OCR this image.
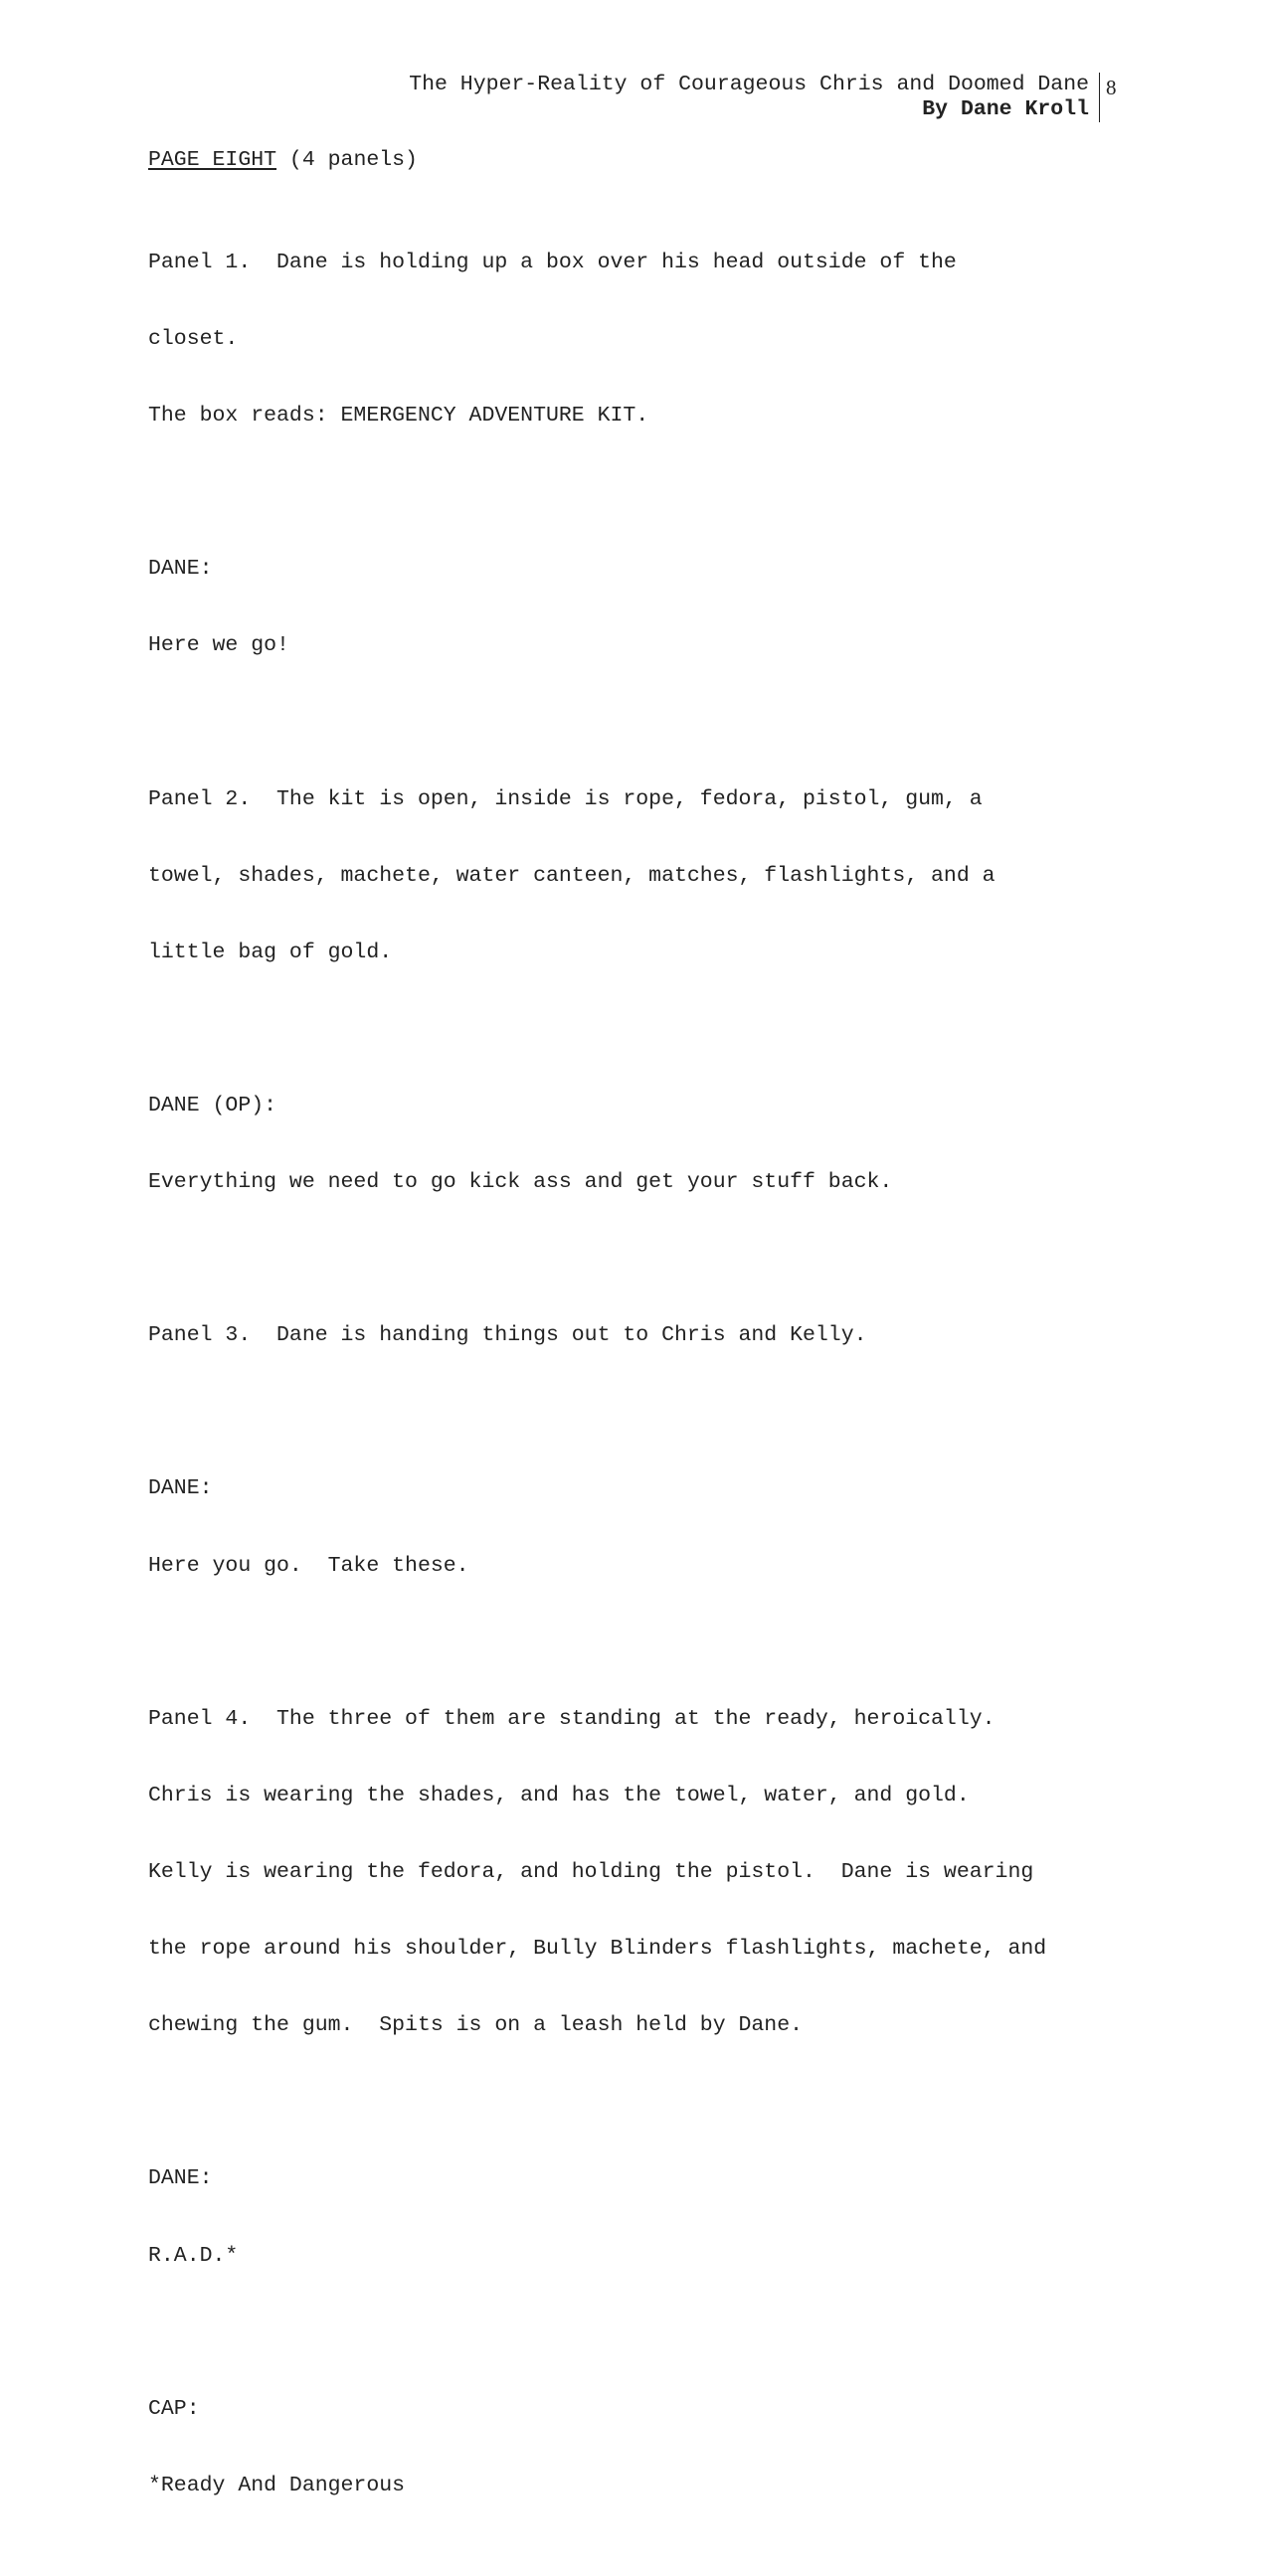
The Hyper-Reality of Courageous Chris and Doomed Dane
By Dane Kroll
8
PAGE EIGHT (4 panels)

Panel 1.  Dane is holding up a box over his head outside of the

closet.

The box reads: EMERGENCY ADVENTURE KIT.

DANE:

Here we go!

Panel 2.  The kit is open, inside is rope, fedora, pistol, gum, a

towel, shades, machete, water canteen, matches, flashlights, and a

little bag of gold.

DANE (OP):

Everything we need to go kick ass and get your stuff back.

Panel 3.  Dane is handing things out to Chris and Kelly.

DANE:

Here you go.  Take these.

Panel 4.  The three of them are standing at the ready, heroically.

Chris is wearing the shades, and has the towel, water, and gold.

Kelly is wearing the fedora, and holding the pistol.  Dane is wearing

the rope around his shoulder, Bully Blinders flashlights, machete, and

chewing the gum.  Spits is on a leash held by Dane.

DANE:

R.A.D.*

CAP:

*Ready And Dangerous
